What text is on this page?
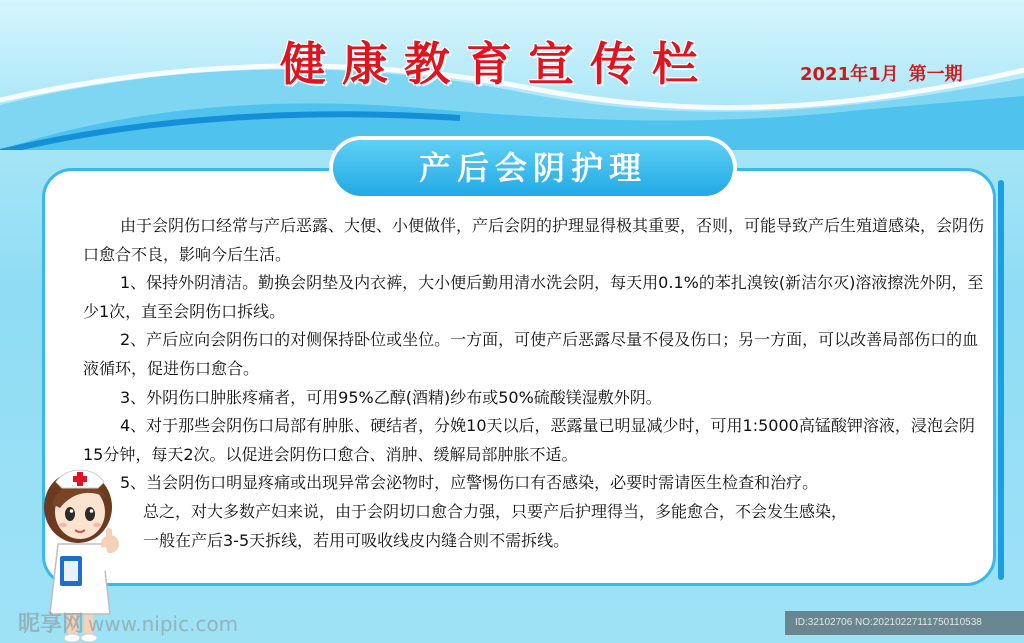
健康教育宣传栏	2021年1月 第一期
产后会阴护理

由于会阴伤口经常与产后恶露、大便、小便做伴，产后会阴的护理显得极其重要，否则，可能导致产后生殖道感染，会阴伤口愈合不良，影响今后生活。

1、保持外阴清洁。勤换会阴垫及内衣裤，大小便后勤用清水洗会阴，每天用0.1%的苯扎溴铵(新洁尔灭)溶液擦洗外阴，至少1次，直至会阴伤口拆线。

2、产后应向会阴伤口的对侧保持卧位或坐位。一方面，可使产后恶露尽量不侵及伤口；另一方面，可以改善局部伤口的血液循环，促进伤口愈合。

3、外阴伤口肿胀疼痛者，可用95%乙醇(酒精)纱布或50%硫酸镁湿敷外阴。

4、对于那些会阴伤口局部有肿胀、硬结者，分娩10天以后，恶露量已明显减少时，可用1:5000高锰酸钾溶液，浸泡会阴15分钟，每天2次。以促进会阴伤口愈合、消肿、缓解局部肿胀不适。

5、当会阴伤口明显疼痛或出现异常会泌物时，应警惕伤口有否感染，必要时需请医生检查和治疗。

总之，对大多数产妇来说，由于会阴切口愈合力强，只要产后护理得当，多能愈合，不会发生感染，

一般在产后3-5天拆线，若用可吸收线皮内缝合则不需拆线。

昵享网 www.nipic.com	ID:32102706 NO:20210227111750110538
